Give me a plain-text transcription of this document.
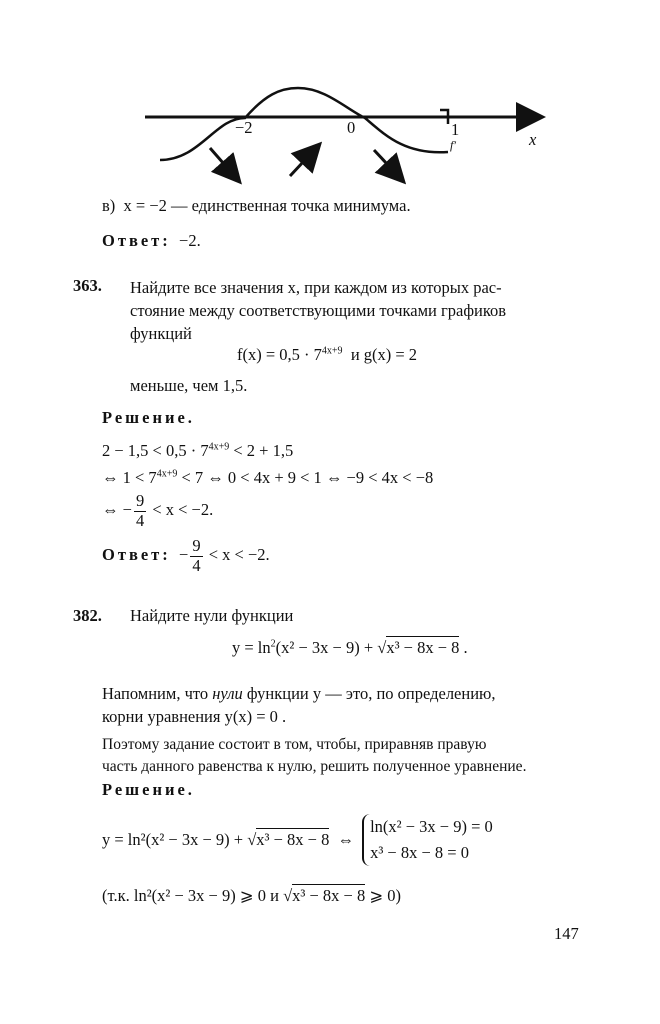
−2	0	1
x
f′
в) x = −2 — единственная точка минимума.
Ответ: −2.
363. Найдите все значения x, при каждом из которых рас-
стояние между соответствующими точками графиков
функций
$f(x) = 0,5 \cdot 7^{4x+9}$ и g(x) = 2
меньше, чем 1,5.
Решение.
$2 - 1,5 < 0,5 \cdot 7^{4x+9} < 2 + 1,5$
⇔ $1 < 7^{4x+9} < 7$ ⇔ 0 < 4x + 9 < 1 ⇔ −9 < 4x < −8
⇔ − $\frac{9}{4} < x < -2$.
Ответ: − $\frac{9}{4} < x < -2$.
382. Найдите нули функции
$y = \ln^2(x^2 - 3x - 9) + √x^3 - 8x - 8$ .
Напомним, что нули функции y — это, по определению,
корни уравнения y(x) = 0 .
Поэтому задание состоит в том, чтобы, приравняв правую
часть данного равенства к нулю, решить полученное уравнение.
Решение.
y = ln²(x² − 3x − 9) + √x³ − 8x − 8 ⇔
ln(x² − 3x − 9) = 0
x³ − 8x − 8 = 0
(т.к. ln²(x² − 3x − 9) ⩾ 0 и √x³ − 8x − 8 ⩾ 0)
147
